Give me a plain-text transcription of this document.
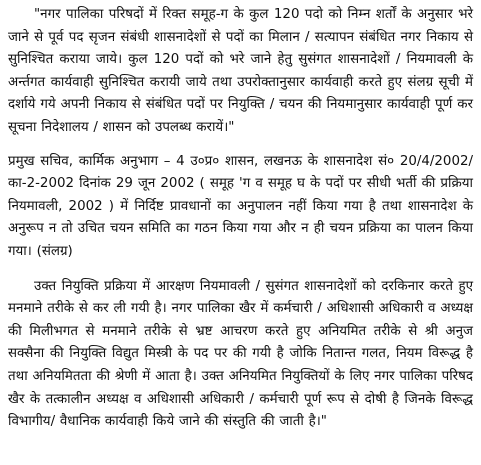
"नगर पालिका परिषदों में रिक्त समूह-ग के कुल 120 पदो को निम्न शर्तों के अनुसार भरे जाने से पूर्व पद सृजन संबंधी शासनादेशों से पदों का मिलान / सत्यापन संबंधित नगर निकाय से सुनिश्चित कराया जाये। कुल 120 पदों को भरे जाने हेतु सुसंगत शासनादेशों / नियमावली के अर्न्तगत कार्यवाही सुनिश्चित करायी जाये तथा उपरोक्तानुसार कार्यवाही करते हुए संलग्र सूची में दर्शाये गये अपनी निकाय से संबंधित पदों पर नियुक्ति / चयन की नियमानुसार कार्यवाही पूर्ण कर सूचना निदेशालय / शासन को उपलब्ध करायें।"

प्रमुख सचिव, कार्मिक अनुभाग – 4 उ०प्र० शासन, लखनऊ के शासनादेश सं० 20/4/2002/का-2-2002 दिनांक 29 जून 2002 ( समूह 'ग व समूह घ के पदों पर सीधी भर्ती की प्रक्रिया नियमावली, 2002 ) में निर्दिष्ट प्रावधानों का अनुपालन नहीं किया गया है तथा शासनादेश के अनुरूप न तो उचित चयन समिति का गठन किया गया और न ही चयन प्रक्रिया का पालन किया गया। (संलग्र)

उक्त नियुक्ति प्रक्रिया में आरक्षण नियमावली / सुसंगत शासनादेशों को दरकिनार करते हुए मनमाने तरीके से कर ली गयी है। नगर पालिका खैर में कर्मचारी / अधिशासी अधिकारी व अध्यक्ष की मिलीभगत से मनमाने तरीके से भ्रष्ट आचरण करते हुए अनियमित तरीके से श्री अनुज सक्सैना की नियुक्ति विद्युत मिस्त्री के पद पर की गयी है जोकि नितान्त गलत, नियम विरूद्ध है तथा अनियमितता की श्रेणी में आता है। उक्त अनियमित नियुक्तियों के लिए नगर पालिका परिषद खैर के तत्कालीन अध्यक्ष व अधिशासी अधिकारी / कर्मचारी पूर्ण रूप से दोषी है जिनके विरूद्ध विभागीय/ वैधानिक कार्यवाही किये जाने की संस्तुति की जाती है।"
